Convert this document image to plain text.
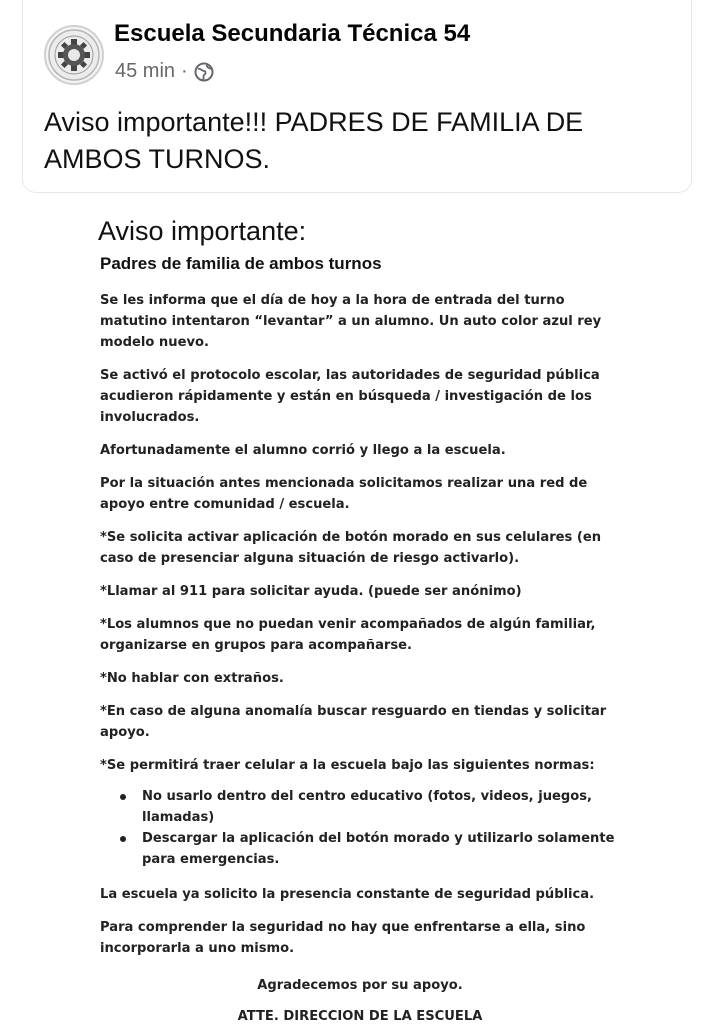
Escuela Secundaria Técnica 54
45 min ·
Aviso importante!!! PADRES DE FAMILIA DE AMBOS TURNOS.
Aviso importante:
Padres de familia de ambos turnos

Se les informa que el día de hoy a la hora de entrada del turno matutino intentaron “levantar” a un alumno. Un auto color azul rey modelo nuevo.

Se activó el protocolo escolar, las autoridades de seguridad pública acudieron rápidamente y están en búsqueda / investigación de los involucrados.

Afortunadamente el alumno corrió y llego a la escuela.

Por la situación antes mencionada solicitamos realizar una red de apoyo entre comunidad / escuela.

*Se solicita activar aplicación de botón morado en sus celulares (en caso de presenciar alguna situación de riesgo activarlo).

*Llamar al 911 para solicitar ayuda. (puede ser anónimo)

*Los alumnos que no puedan venir acompañados de algún familiar, organizarse en grupos para acompañarse.

*No hablar con extraños.

*En caso de alguna anomalía buscar resguardo en tiendas y solicitar apoyo.

*Se permitirá traer celular a la escuela bajo las siguientes normas:

No usarlo dentro del centro educativo (fotos, videos, juegos, llamadas)
Descargar la aplicación del botón morado y utilizarlo solamente para emergencias.

La escuela ya solicito la presencia constante de seguridad pública.

Para comprender la seguridad no hay que enfrentarse a ella, sino incorporarla a uno mismo.

Agradecemos por su apoyo.
ATTE. DIRECCION DE LA ESCUELA
